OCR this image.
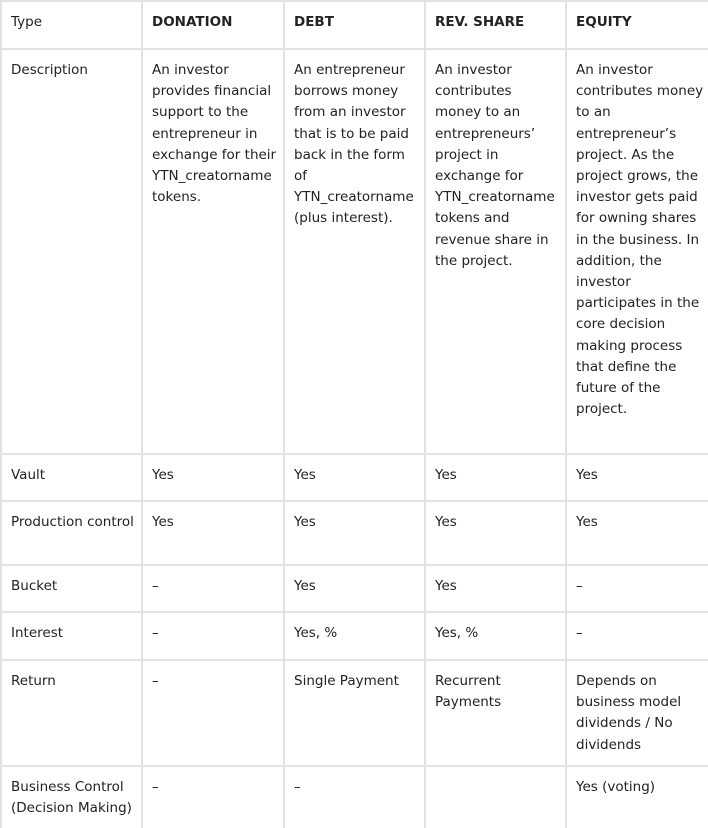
Type	DONATION	DEBT	REV. SHARE	EQUITY
Description	An investor provides financial support to the entrepreneur in exchange for their YTN_creatorname tokens.	An entrepreneur borrows money from an investor that is to be paid back in the form of YTN_creatorname (plus interest).	An investor contributes money to an entrepreneurs’ project in exchange for YTN_creatorname tokens and revenue share in the project.	An investor contributes money to an entrepreneur’s project. As the project grows, the investor gets paid for owning shares in the business. In addition, the investor participates in the core decision making process that define the future of the project.
Vault	Yes	Yes	Yes	Yes
Production control	Yes	Yes	Yes	Yes
Bucket	–	Yes	Yes	–
Interest	–	Yes, %	Yes, %	–
Return	–	Single Payment	Recurrent Payments	Depends on business model dividends / No dividends
Business Control (Decision Making)	–	–		Yes (voting)
